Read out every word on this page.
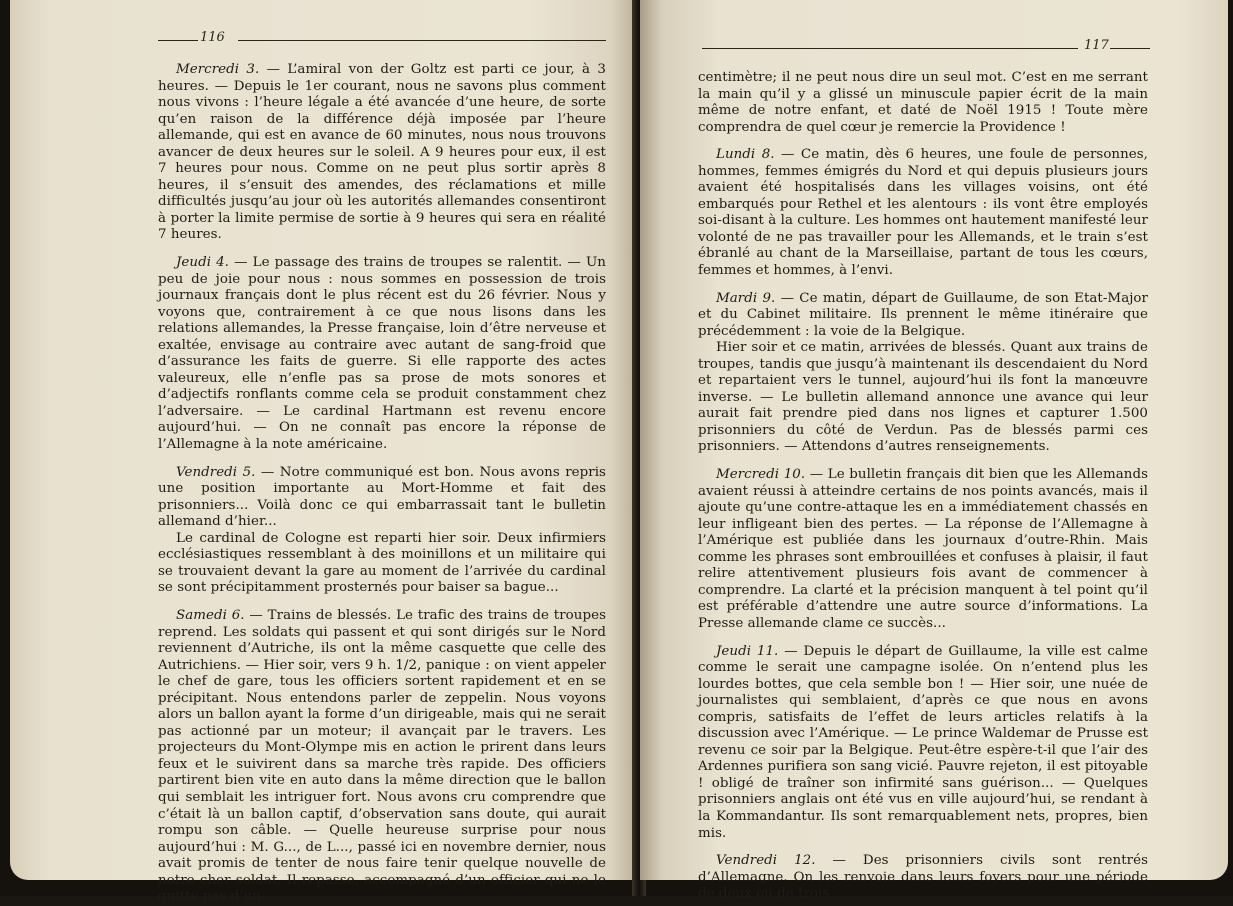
116

Mercredi 3. — L’amiral von der Goltz est parti ce jour, à 3 heures. — Depuis le 1er courant, nous ne savons plus comment nous vivons : l’heure légale a été avancée d’une heure, de sorte qu’en raison de la différence déjà imposée par l’heure allemande, qui est en avance de 60 minutes, nous nous trouvons avancer de deux heures sur le soleil. A 9 heures pour eux, il est 7 heures pour nous. Comme on ne peut plus sortir après 8 heures, il s’ensuit des amendes, des réclamations et mille difficultés jusqu’au jour où les autorités allemandes consentiront à porter la limite permise de sortie à 9 heures qui sera en réalité 7 heures.

Jeudi 4. — Le passage des trains de troupes se ralentit. — Un peu de joie pour nous : nous sommes en possession de trois journaux français dont le plus récent est du 26 février. Nous y voyons que, contrairement à ce que nous lisons dans les relations allemandes, la Presse française, loin d’être nerveuse et exaltée, envisage au contraire avec autant de sang-froid que d’assurance les faits de guerre. Si elle rapporte des actes valeureux, elle n’enfle pas sa prose de mots sonores et d’adjectifs ronflants comme cela se produit constamment chez l’adversaire. — Le cardinal Hartmann est revenu encore aujourd’hui. — On ne connaît pas encore la réponse de l’Allemagne à la note américaine.

Vendredi 5. — Notre communiqué est bon. Nous avons repris une position importante au Mort-Homme et fait des prisonniers... Voilà donc ce qui embarrassait tant le bulletin allemand d’hier...

Le cardinal de Cologne est reparti hier soir. Deux infirmiers ecclésiastiques ressemblant à des moinillons et un militaire qui se trouvaient devant la gare au moment de l’arrivée du cardinal se sont précipitamment prosternés pour baiser sa bague...

Samedi 6. — Trains de blessés. Le trafic des trains de troupes reprend. Les soldats qui passent et qui sont dirigés sur le Nord reviennent d’Autriche, ils ont la même casquette que celle des Autrichiens. — Hier soir, vers 9 h. 1/2, panique : on vient appeler le chef de gare, tous les officiers sortent rapidement et en se précipitant. Nous entendons parler de zeppelin. Nous voyons alors un ballon ayant la forme d’un dirigeable, mais qui ne serait pas actionné par un moteur; il avançait par le travers. Les projecteurs du Mont-Olympe mis en action le prirent dans leurs feux et le suivirent dans sa marche très rapide. Des officiers partirent bien vite en auto dans la même direction que le ballon qui semblait les intriguer fort. Nous avons cru comprendre que c’était là un ballon captif, d’observation sans doute, qui aurait rompu son câble. — Quelle heureuse surprise pour nous aujourd’hui : M. G..., de L..., passé ici en novembre dernier, nous avait promis de tenter de nous faire tenir quelque nouvelle de notre cher soldat. Il repasse, accompagné d’un officier qui ne le quitte pas d’un

117

centimètre; il ne peut nous dire un seul mot. C’est en me serrant la main qu’il y a glissé un minuscule papier écrit de la main même de notre enfant, et daté de Noël 1915 ! Toute mère comprendra de quel cœur je remercie la Providence !

Lundi 8. — Ce matin, dès 6 heures, une foule de personnes, hommes, femmes émigrés du Nord et qui depuis plusieurs jours avaient été hospitalisés dans les villages voisins, ont été embarqués pour Rethel et les alentours : ils vont être employés soi-disant à la culture. Les hommes ont hautement manifesté leur volonté de ne pas travailler pour les Allemands, et le train s’est ébranlé au chant de la Marseillaise, partant de tous les cœurs, femmes et hommes, à l’envi.

Mardi 9. — Ce matin, départ de Guillaume, de son Etat-Major et du Cabinet militaire. Ils prennent le même itinéraire que précédemment : la voie de la Belgique.

Hier soir et ce matin, arrivées de blessés. Quant aux trains de troupes, tandis que jusqu’à maintenant ils descendaient du Nord et repartaient vers le tunnel, aujourd’hui ils font la manœuvre inverse. — Le bulletin allemand annonce une avance qui leur aurait fait prendre pied dans nos lignes et capturer 1.500 prisonniers du côté de Verdun. Pas de blessés parmi ces prisonniers. — Attendons d’autres renseignements.

Mercredi 10. — Le bulletin français dit bien que les Allemands avaient réussi à atteindre certains de nos points avancés, mais il ajoute qu’une contre-attaque les en a immédiatement chassés en leur infligeant bien des pertes. — La réponse de l’Allemagne à l’Amérique est publiée dans les journaux d’outre-Rhin. Mais comme les phrases sont embrouillées et confuses à plaisir, il faut relire attentivement plusieurs fois avant de commencer à comprendre. La clarté et la précision manquent à tel point qu’il est préférable d’attendre une autre source d’informations. La Presse allemande clame ce succès...

Jeudi 11. — Depuis le départ de Guillaume, la ville est calme comme le serait une campagne isolée. On n’entend plus les lourdes bottes, que cela semble bon ! — Hier soir, une nuée de journalistes qui semblaient, d’après ce que nous en avons compris, satisfaits de l’effet de leurs articles relatifs à la discussion avec l’Amérique. — Le prince Waldemar de Prusse est revenu ce soir par la Belgique. Peut-être espère-t-il que l’air des Ardennes purifiera son sang vicié. Pauvre rejeton, il est pitoyable ! obligé de traîner son infirmité sans guérison... — Quelques prisonniers anglais ont été vus en ville aujourd’hui, se rendant à la Kommandantur. Ils sont remarquablement nets, propres, bien mis.

Vendredi 12. — Des prisonniers civils sont rentrés d’Allemagne. On les renvoie dans leurs foyers pour une période de deux ou de trois
